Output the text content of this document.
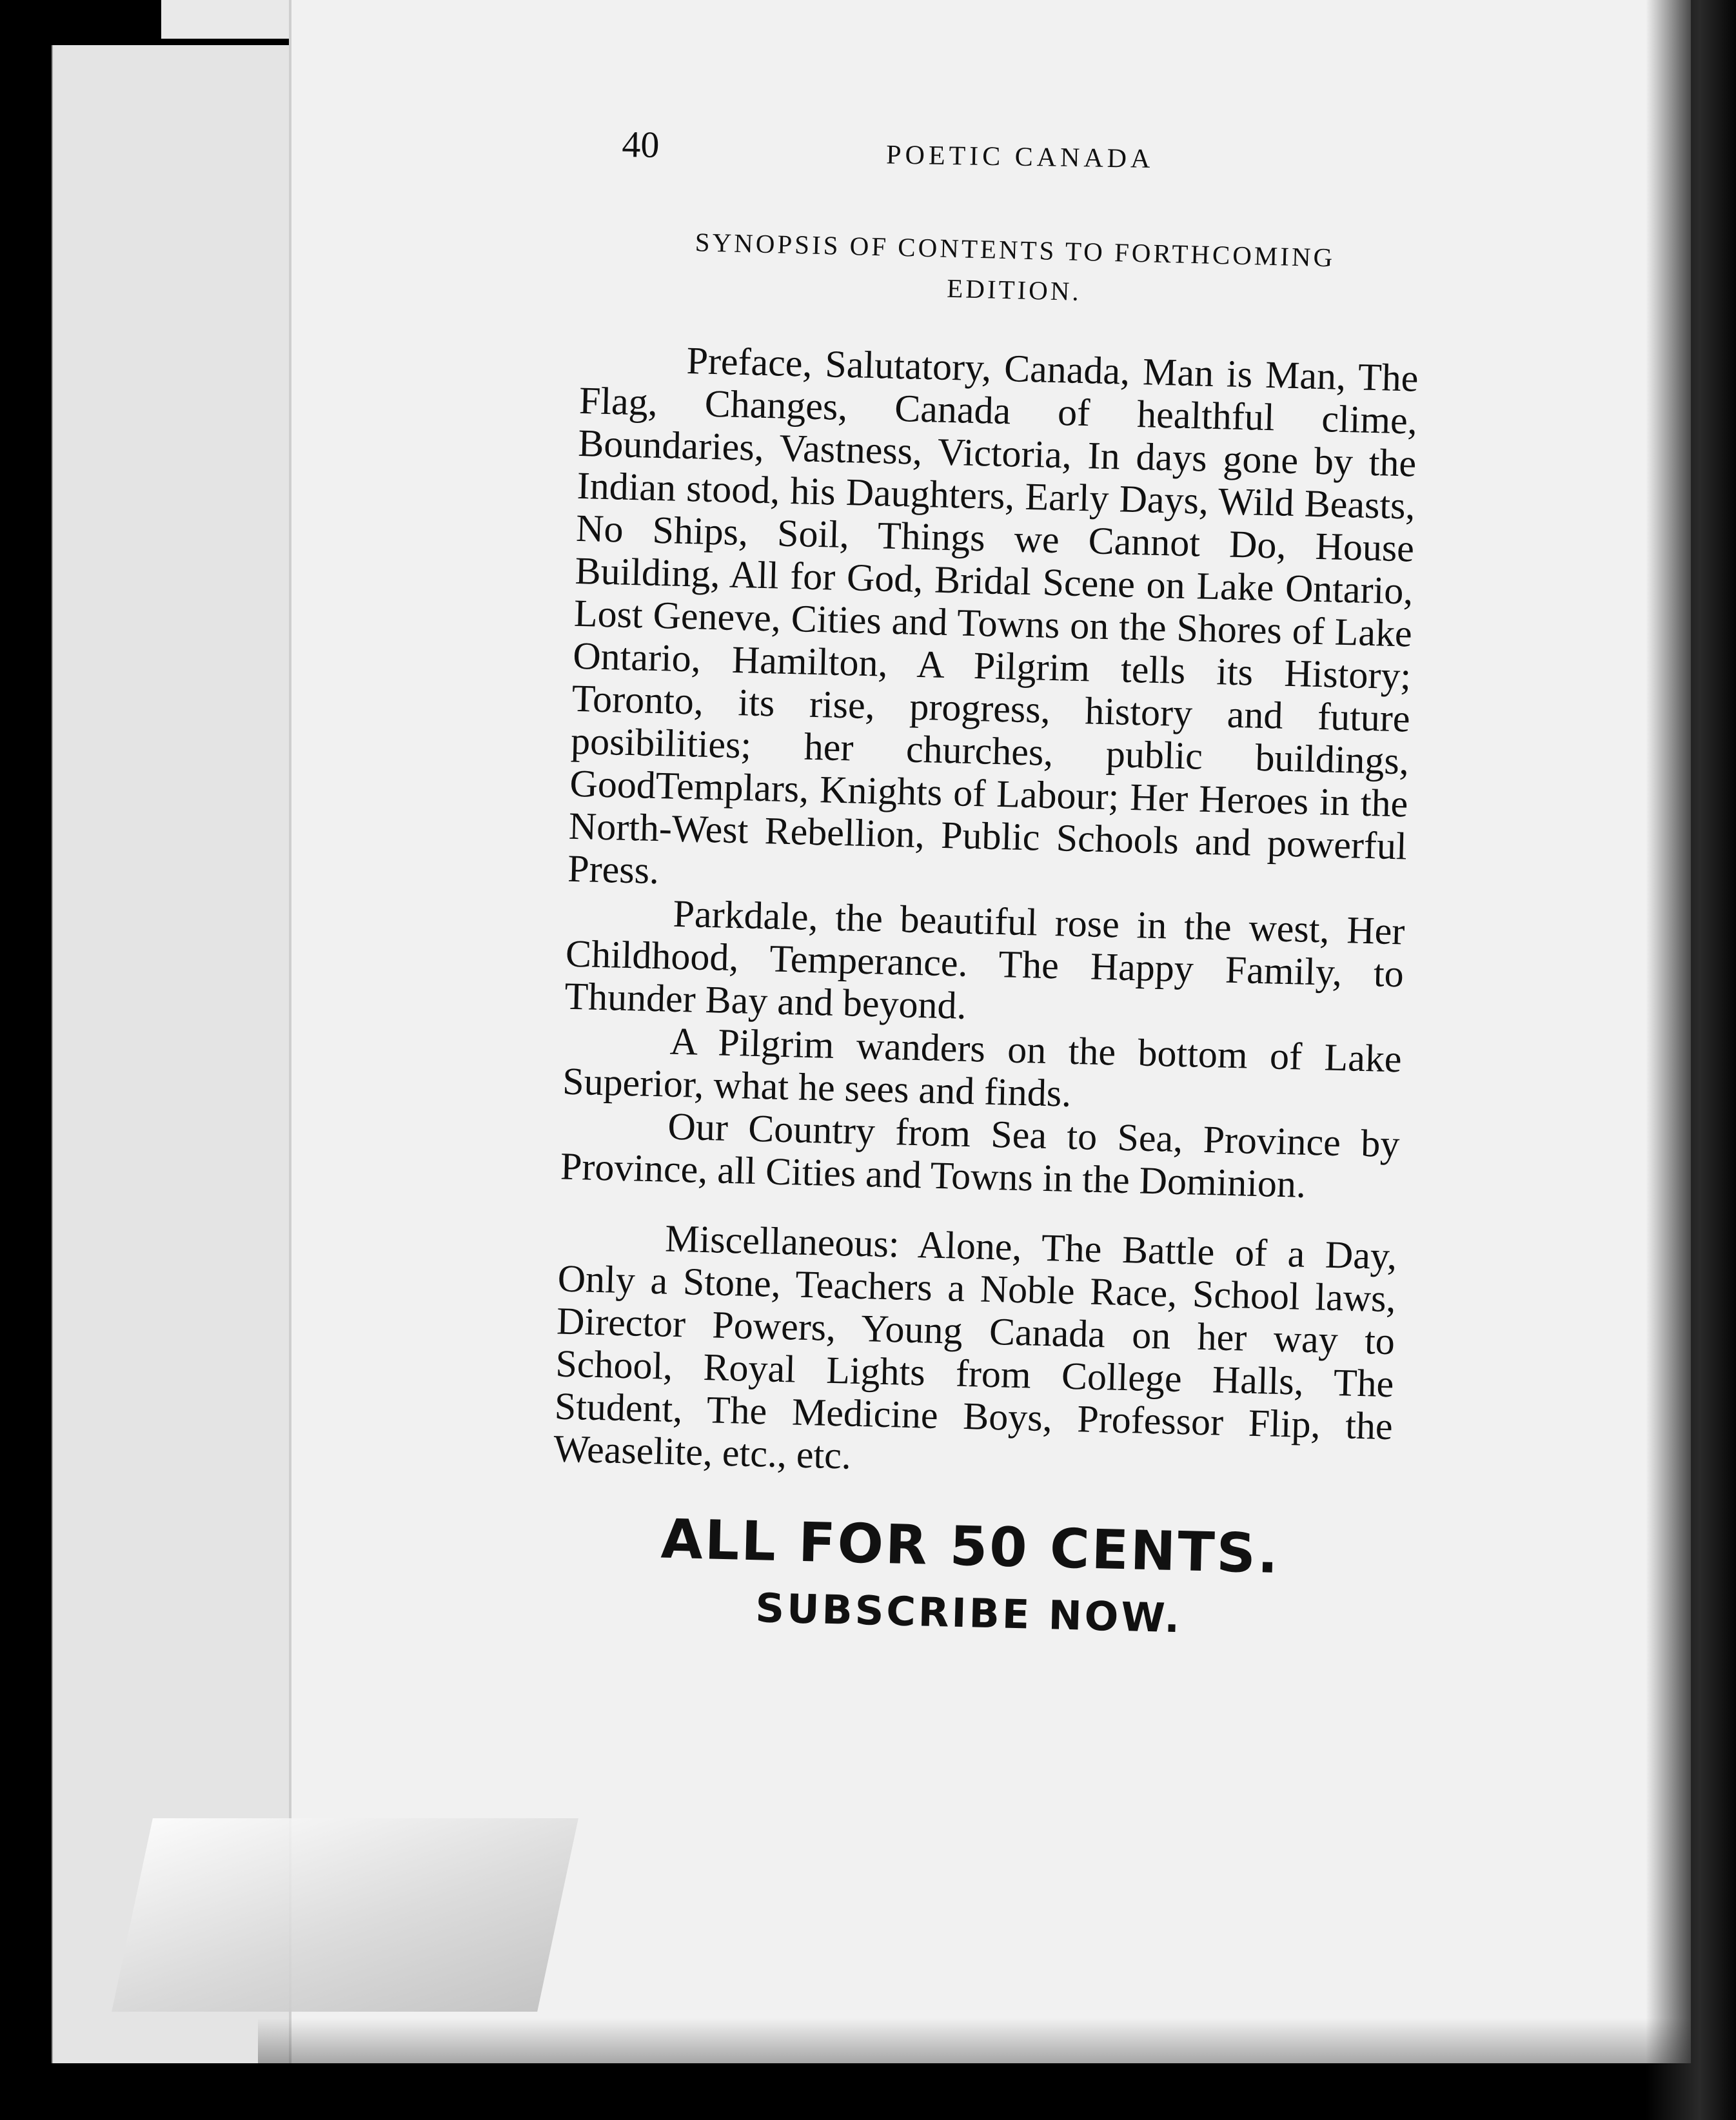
40	POETIC CANADA
SYNOPSIS OF CONTENTS TO FORTHCOMING EDITION.

Preface, Salutatory, Canada, Man is Man, The Flag, Changes, Canada of healthful clime, Boundaries, Vastness, Victoria, In days gone by the Indian stood, his Daughters, Early Days, Wild Beasts, No Ships, Soil, Things we Cannot Do, House Building, All for God, Bridal Scene on Lake Ontario, Lost Geneve, Cities and Towns on the Shores of Lake Ontario, Hamilton, A Pilgrim tells its History; Toronto, its rise, progress, history and future posibilities; her churches, public buildings, GoodTemplars, Knights of Labour; Her Heroes in the North-West Rebellion, Public Schools and powerful Press.

Parkdale, the beautiful rose in the west, Her Childhood, Temperance. The Happy Family, to Thunder Bay and beyond.

A Pilgrim wanders on the bottom of Lake Superior, what he sees and finds.

Our Country from Sea to Sea, Province by Province, all Cities and Towns in the Dominion.

Miscellaneous: Alone, The Battle of a Day, Only a Stone, Teachers a Noble Race, School laws, Director Powers, Young Canada on her way to School, Royal Lights from College Halls, The Student, The Medicine Boys, Professor Flip, the Weaselite, etc., etc.

ALL FOR 50 CENTS.
SUBSCRIBE NOW.
